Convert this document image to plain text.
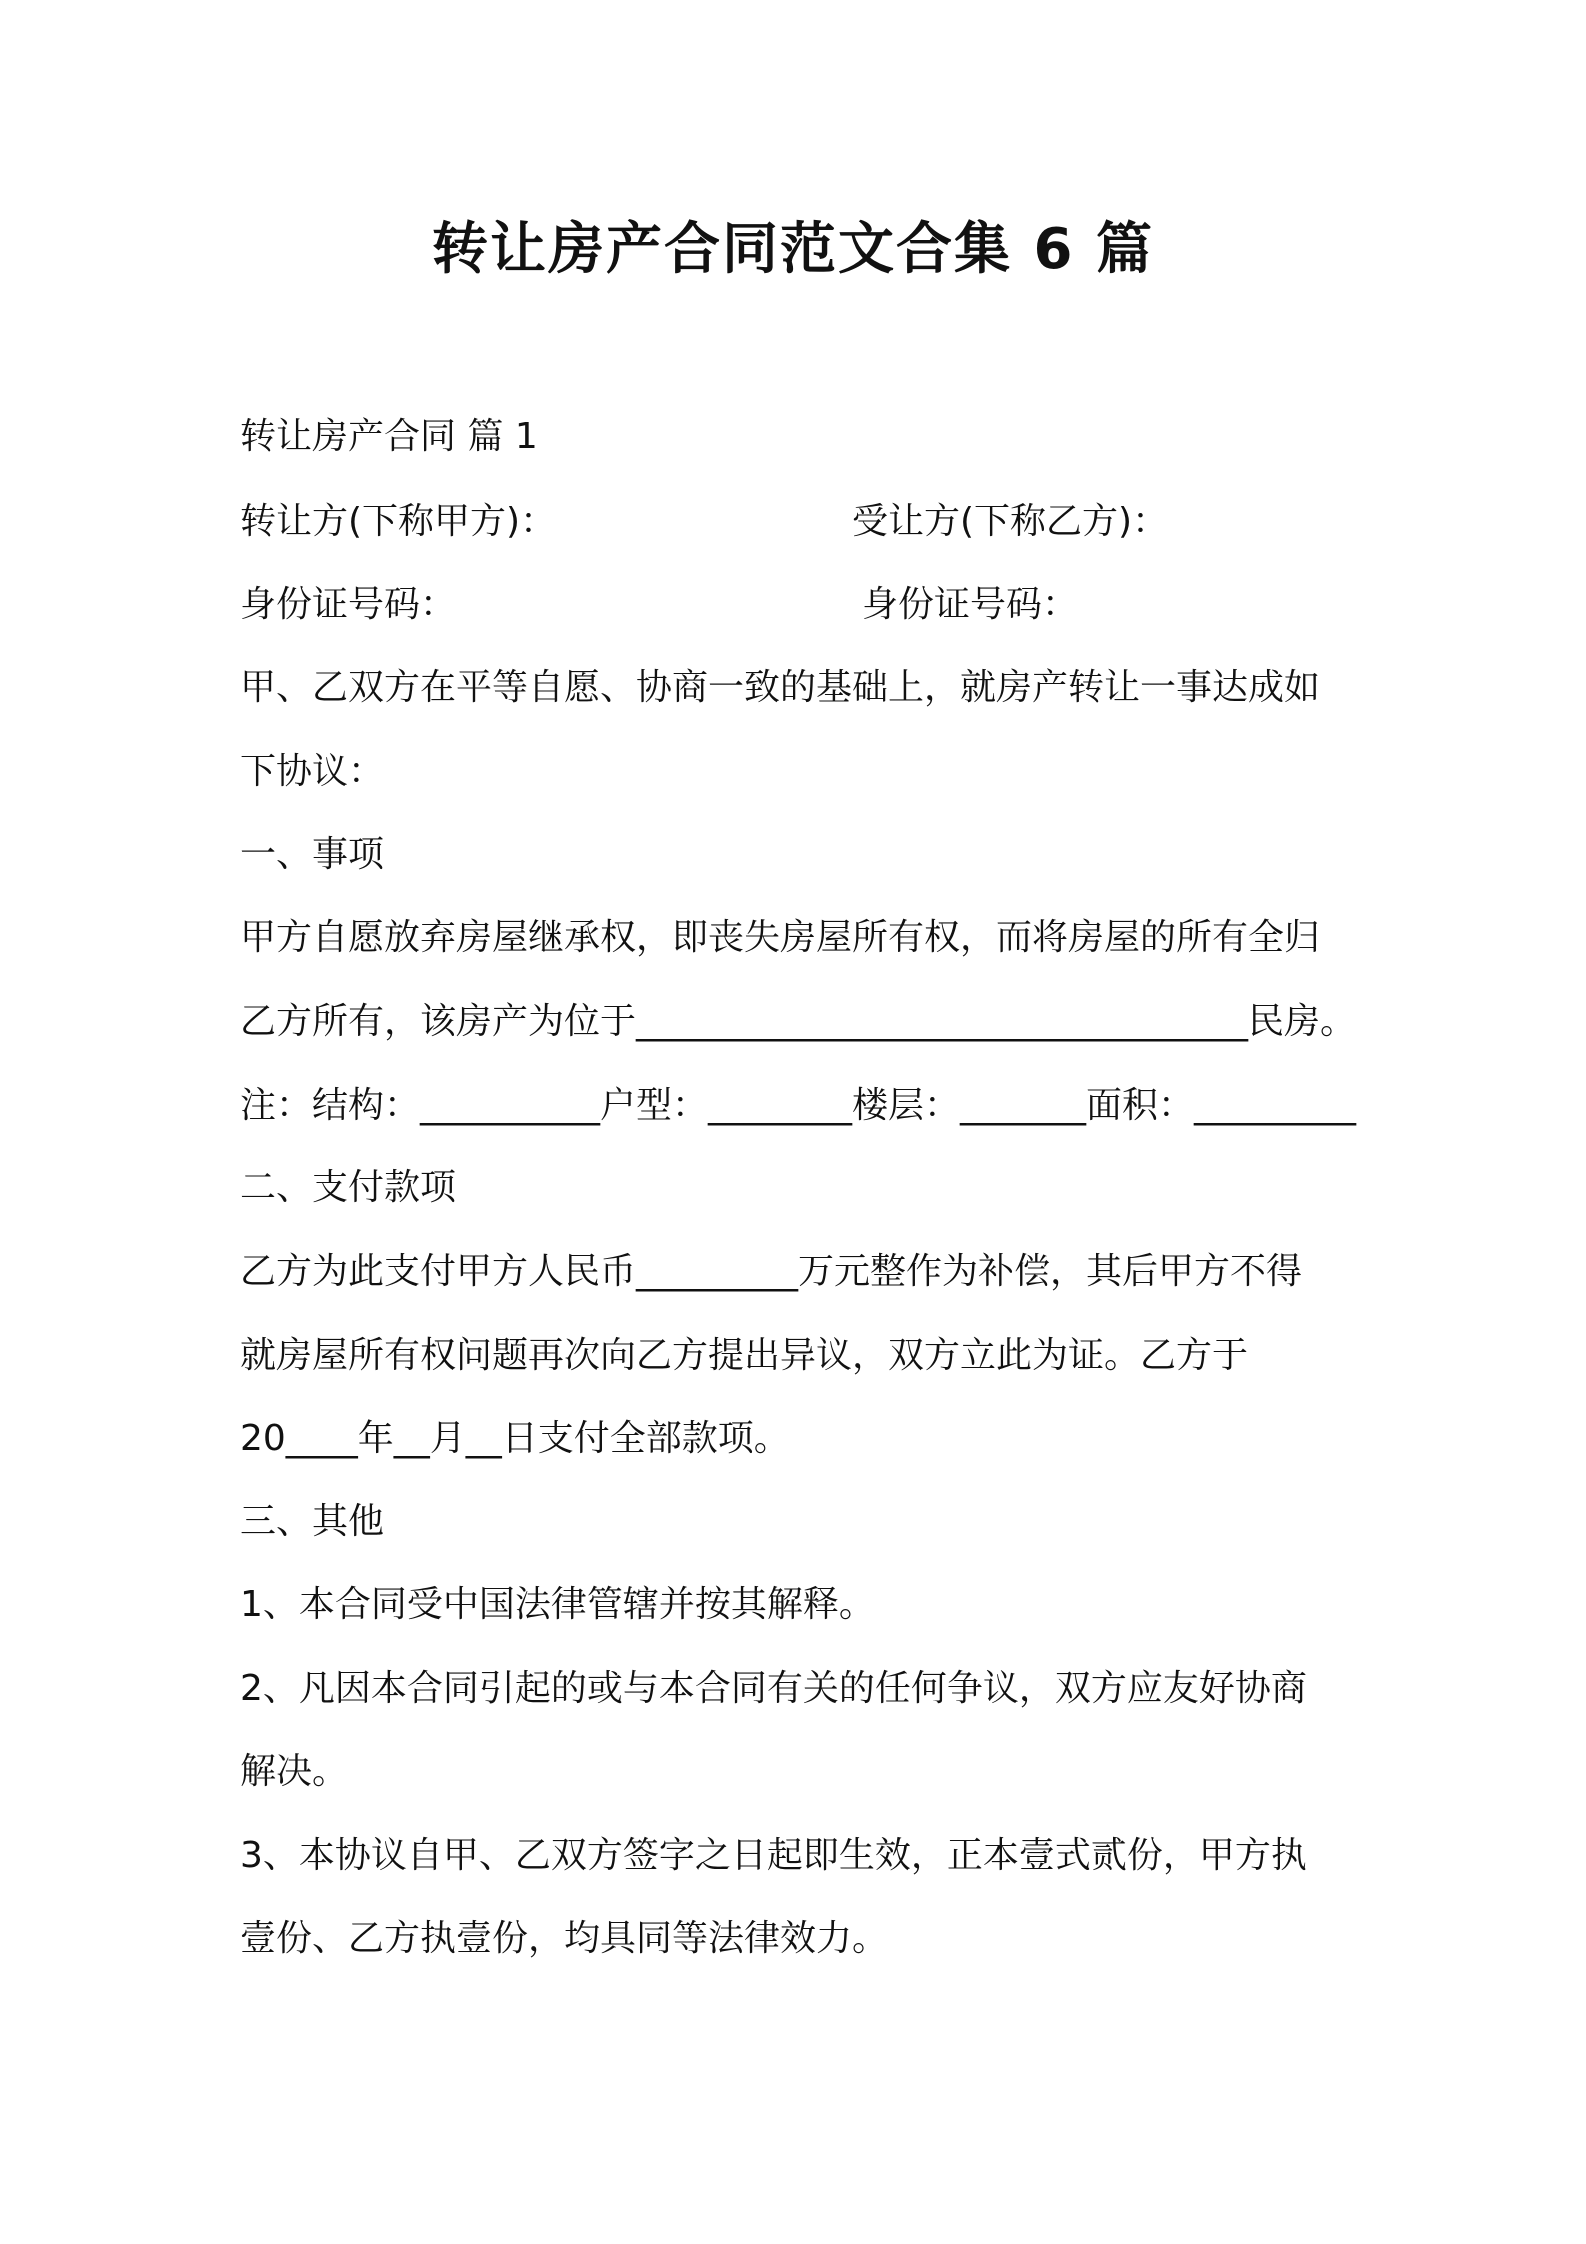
转让房产合同范文合集 6 篇
转让房产合同 篇 1
转让方(下称甲方)：	受让方(下称乙方)：
身份证号码：	身份证号码：
甲、乙双方在平等自愿、协商一致的基础上，就房产转让一事达成如
下协议：
一、事项
甲方自愿放弃房屋继承权，即丧失房屋所有权，而将房屋的所有全归
乙方所有，该房产为位于__________________________________民房。
注：结构：__________户型：________楼层：_______面积：_________
二、支付款项
乙方为此支付甲方人民币_________万元整作为补偿，其后甲方不得
就房屋所有权问题再次向乙方提出异议，双方立此为证。乙方于
20____年__月__日支付全部款项。
三、其他
1、本合同受中国法律管辖并按其解释。
2、凡因本合同引起的或与本合同有关的任何争议，双方应友好协商
解决。
3、本协议自甲、乙双方签字之日起即生效，正本壹式贰份，甲方执
壹份、乙方执壹份，均具同等法律效力。
